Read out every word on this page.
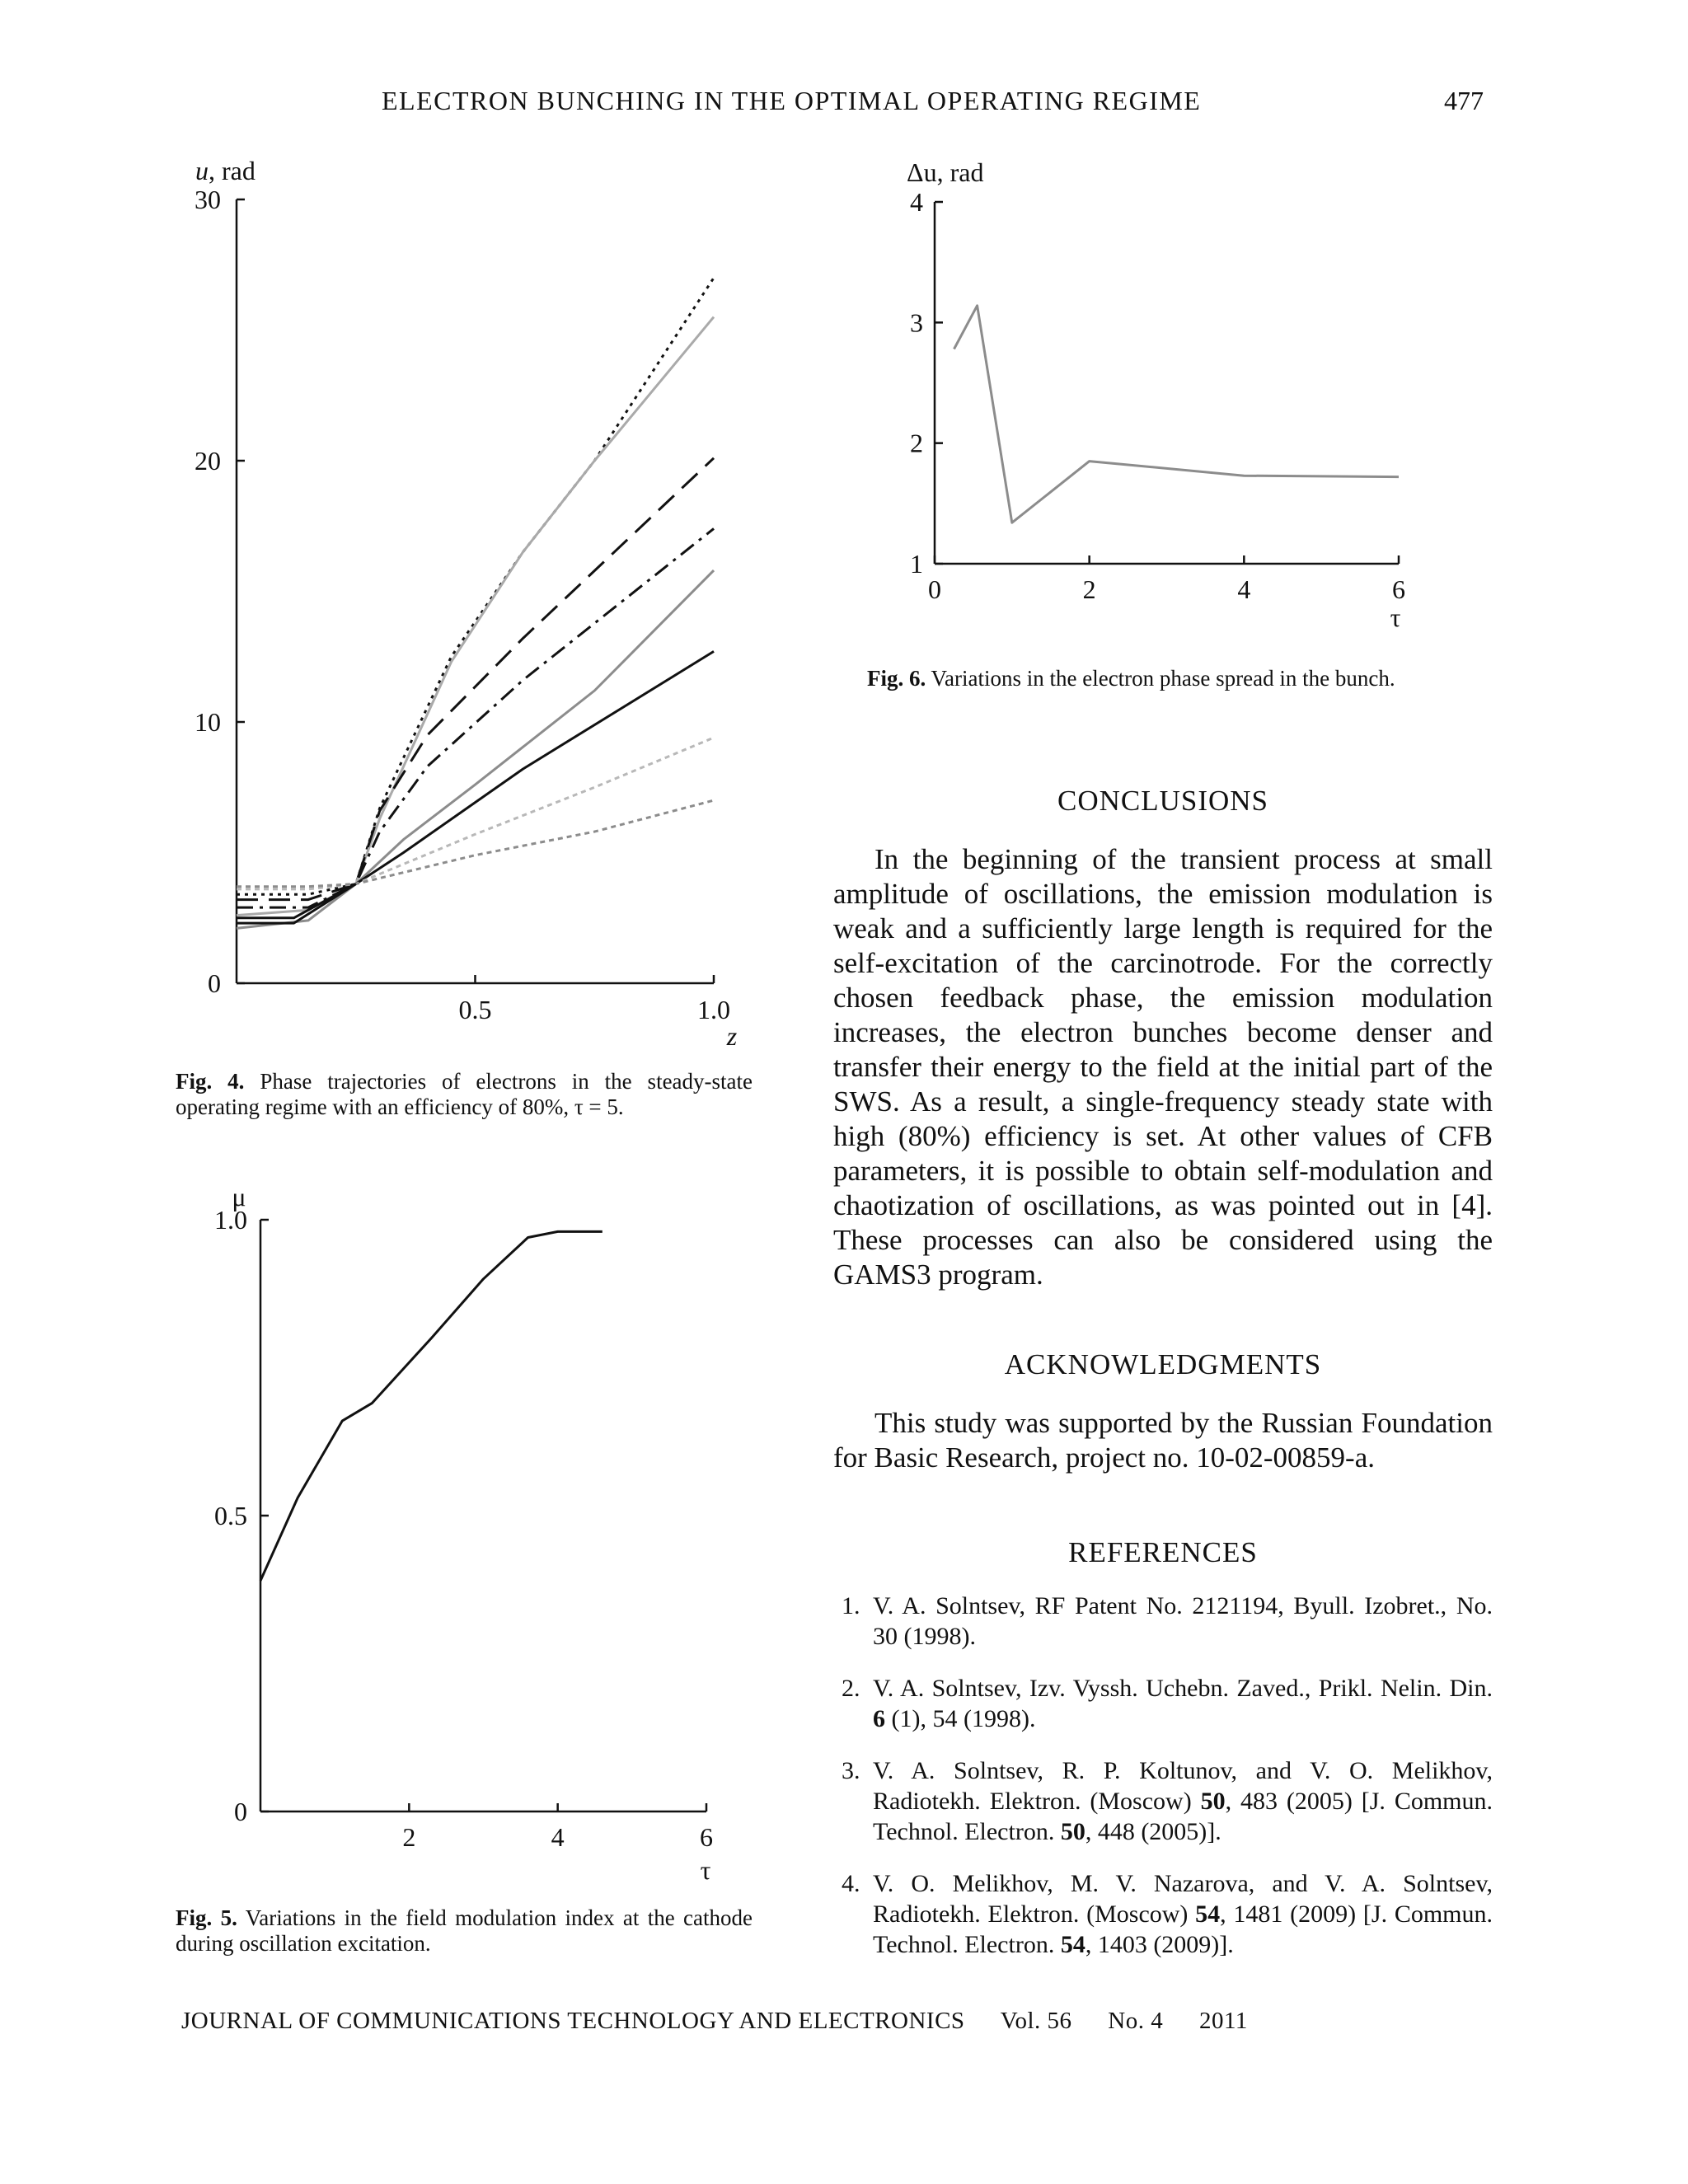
ELECTRON BUNCHING IN THE OPTIMAL OPERATING REGIME	477
u, rad
0
10
20
30
0.5	1.0
z
Fig. 4. Phase trajectories of electrons in the steady-state operating regime with an efficiency of 80%, τ = 5.
μ
0
0.5
1.0
2	4	6
τ
Fig. 5. Variations in the field modulation index at the cathode during oscillation excitation.
Δu, rad
1
2
3
4
0	2	4	6
τ
Fig. 6. Variations in the electron phase spread in the bunch.
CONCLUSIONS
In the beginning of the transient process at small amplitude of oscillations, the emission modulation is weak and a sufficiently large length is required for the self-excitation of the carcinotrode. For the correctly chosen feedback phase, the emission modulation increases, the electron bunches become denser and transfer their energy to the field at the initial part of the SWS. As a result, a single-frequency steady state with high (80%) efficiency is set. At other values of CFB parameters, it is possible to obtain self-modulation and chaotization of oscillations, as was pointed out in [4]. These processes can also be considered using the GAMS3 program.
ACKNOWLEDGMENTS
This study was supported by the Russian Foundation for Basic Research, project no. 10-02-00859-a.
REFERENCES
1. V. A. Solntsev, RF Patent No. 2121194, Byull. Izobret., No. 30 (1998).
2. V. A. Solntsev, Izv. Vyssh. Uchebn. Zaved., Prikl. Nelin. Din. 6 (1), 54 (1998).
3. V. A. Solntsev, R. P. Koltunov, and V. O. Melikhov, Radiotekh. Elektron. (Moscow) 50, 483 (2005) [J. Commun. Technol. Electron. 50, 448 (2005)].
4. V. O. Melikhov, M. V. Nazarova, and V. A. Solntsev, Radiotekh. Elektron. (Moscow) 54, 1481 (2009) [J. Commun. Technol. Electron. 54, 1403 (2009)].
JOURNAL OF COMMUNICATIONS TECHNOLOGY AND ELECTRONICS Vol. 56 No. 4 2011
